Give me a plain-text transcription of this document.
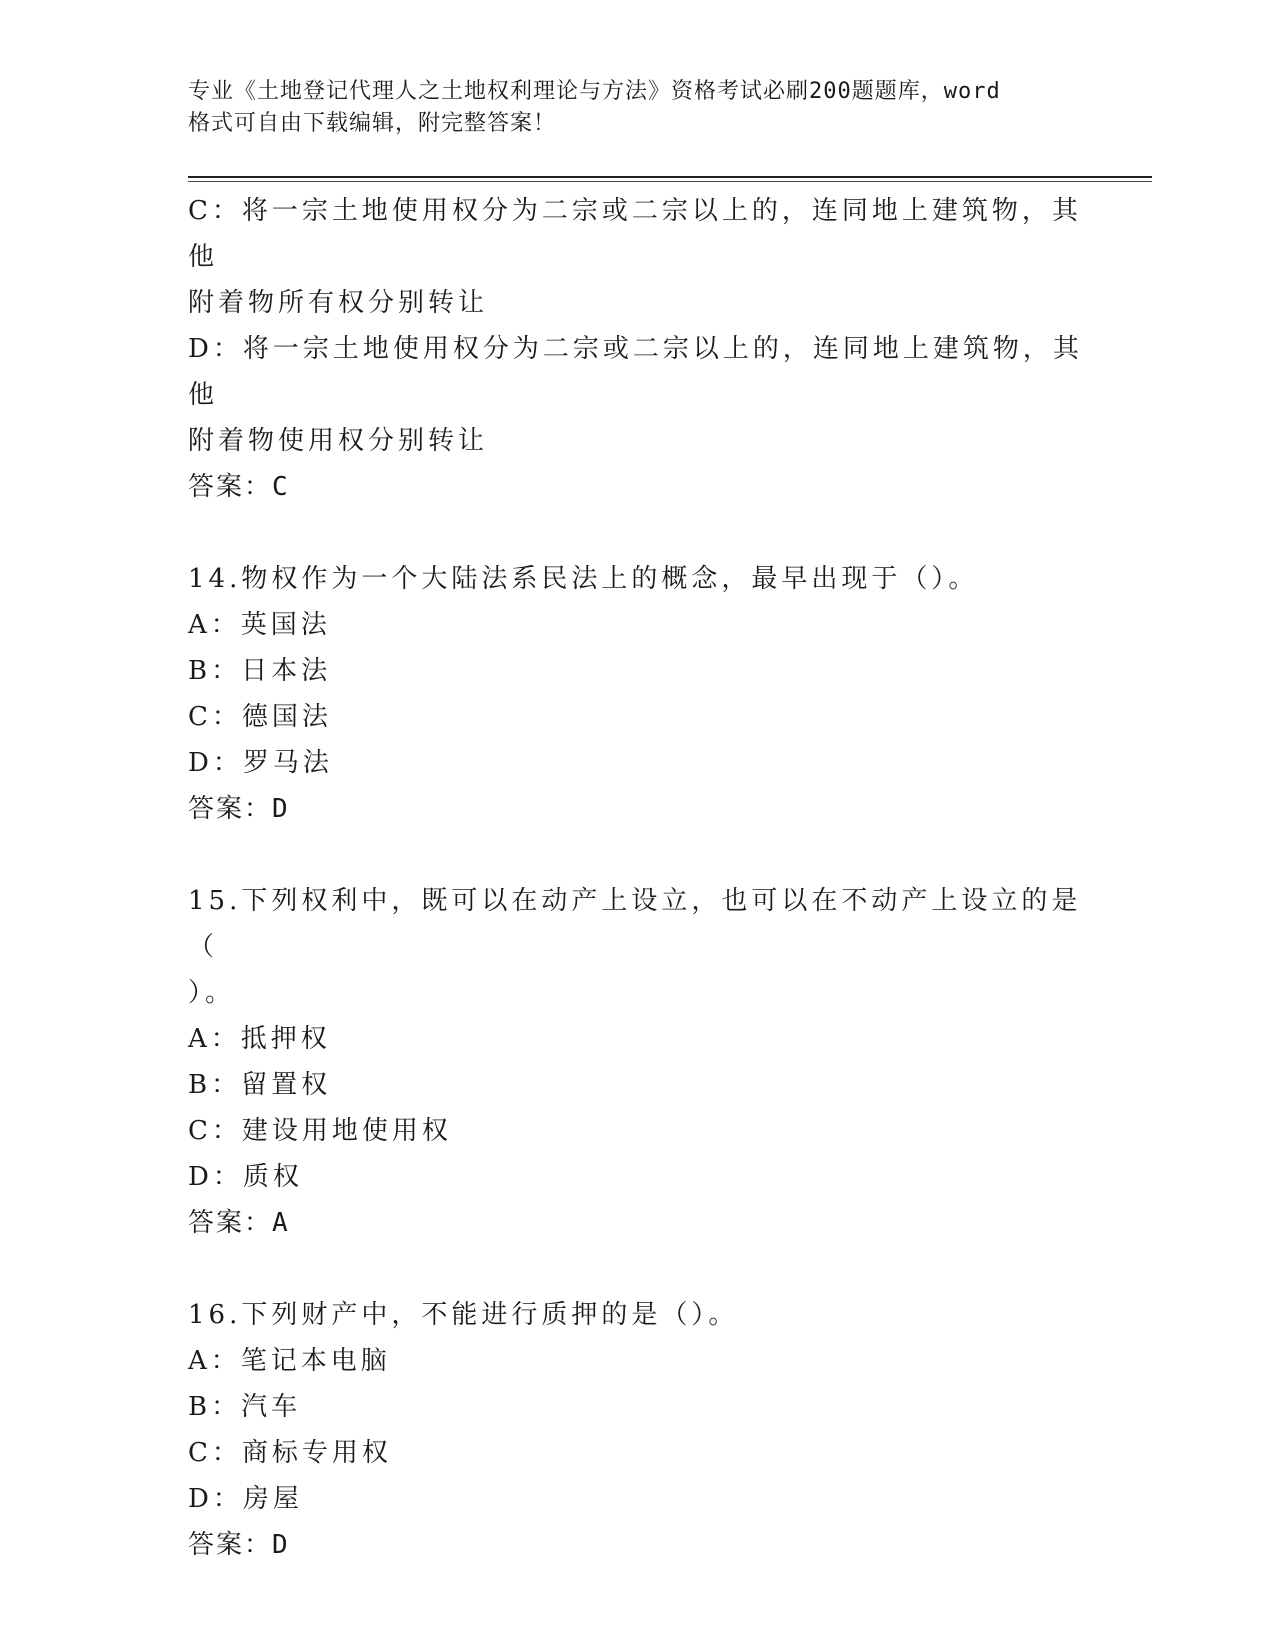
专业《土地登记代理人之土地权利理论与方法》资格考试必刷200题题库，word
格式可自由下载编辑，附完整答案！
C：将一宗土地使用权分为二宗或二宗以上的，连同地上建筑物，其他
附着物所有权分别转让
D：将一宗土地使用权分为二宗或二宗以上的，连同地上建筑物，其他
附着物使用权分别转让
答案：C
14.物权作为一个大陆法系民法上的概念，最早出现于（）。
A：英国法
B：日本法
C：德国法
D：罗马法
答案：D
15.下列权利中，既可以在动产上设立，也可以在不动产上设立的是（
）。
A：抵押权
B：留置权
C：建设用地使用权
D：质权
答案：A
16.下列财产中，不能进行质押的是（）。
A：笔记本电脑
B：汽车
C：商标专用权
D：房屋
答案：D
